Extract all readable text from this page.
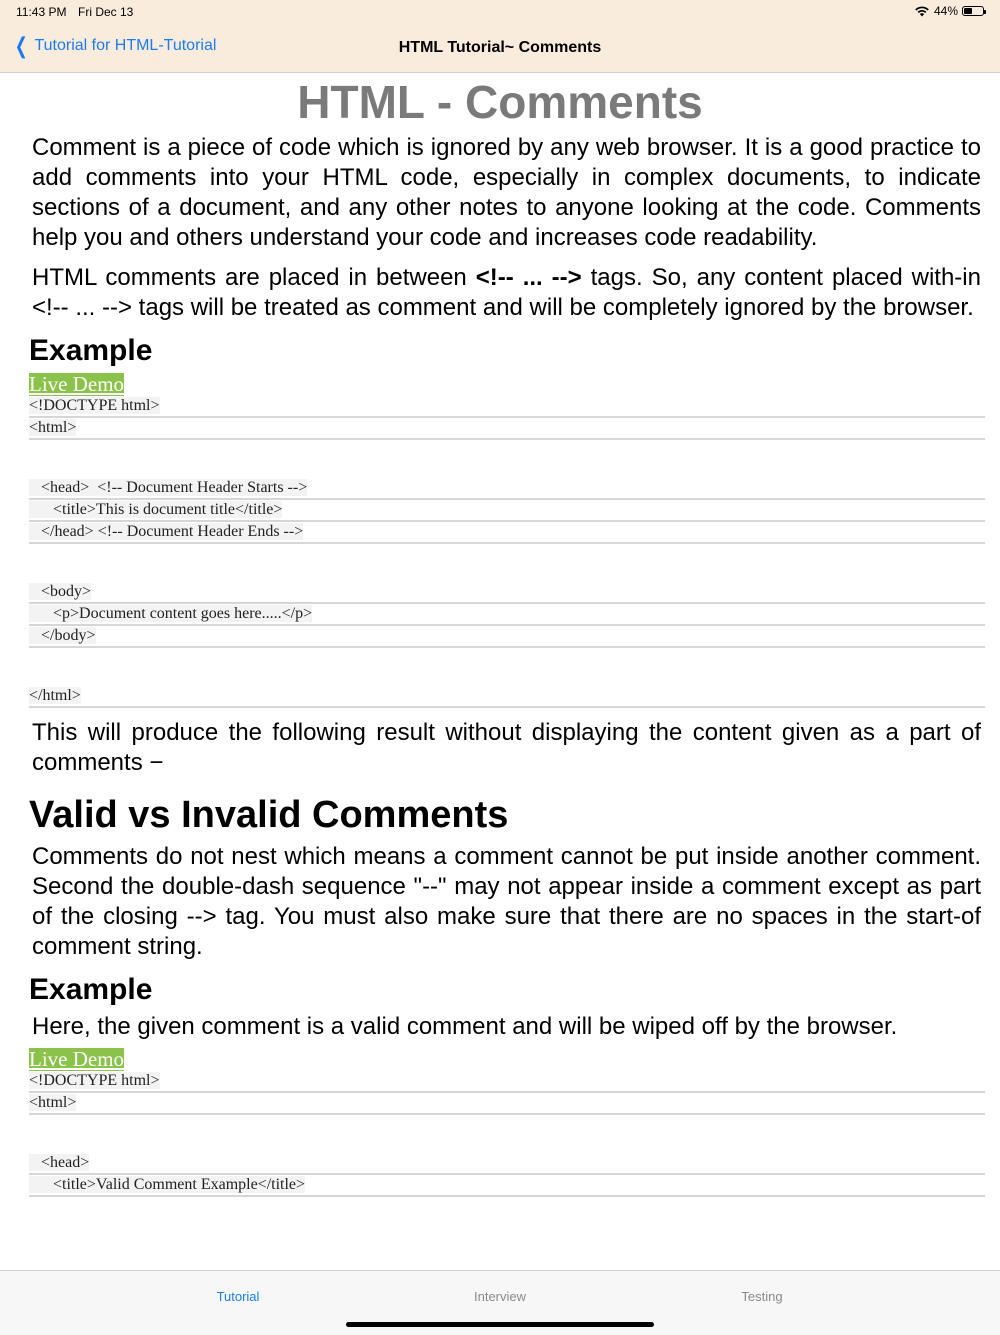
11:43 PM Fri Dec 13	44%
❮ Tutorial for HTML-Tutorial	HTML Tutorial~ Comments
HTML - Comments

Comment is a piece of code which is ignored by any web browser. It is a good practice to add comments into your HTML code, especially in complex documents, to indicate sections of a document, and any other notes to anyone looking at the code. Comments help you and others understand your code and increases code readability.

HTML comments are placed in between <!-- ... --> tags. So, any content placed with-in <!-- ... --> tags will be treated as comment and will be completely ignored by the browser.

Example
Live Demo
<!DOCTYPE html>
<html>
<head>  <!-- Document Header Starts -->
<title>This is document title</title>
</head> <!-- Document Header Ends -->
<body>
<p>Document content goes here.....</p>
</body>
</html>

This will produce the following result without displaying the content given as a part of comments −

Valid vs Invalid Comments

Comments do not nest which means a comment cannot be put inside another comment. Second the double-dash sequence "--" may not appear inside a comment except as part of the closing --> tag. You must also make sure that there are no spaces in the start-of comment string.

Example

Here, the given comment is a valid comment and will be wiped off by the browser.

Live Demo
<!DOCTYPE html>
<html>
<head>
<title>Valid Comment Example</title>
Tutorial	Interview	Testing
